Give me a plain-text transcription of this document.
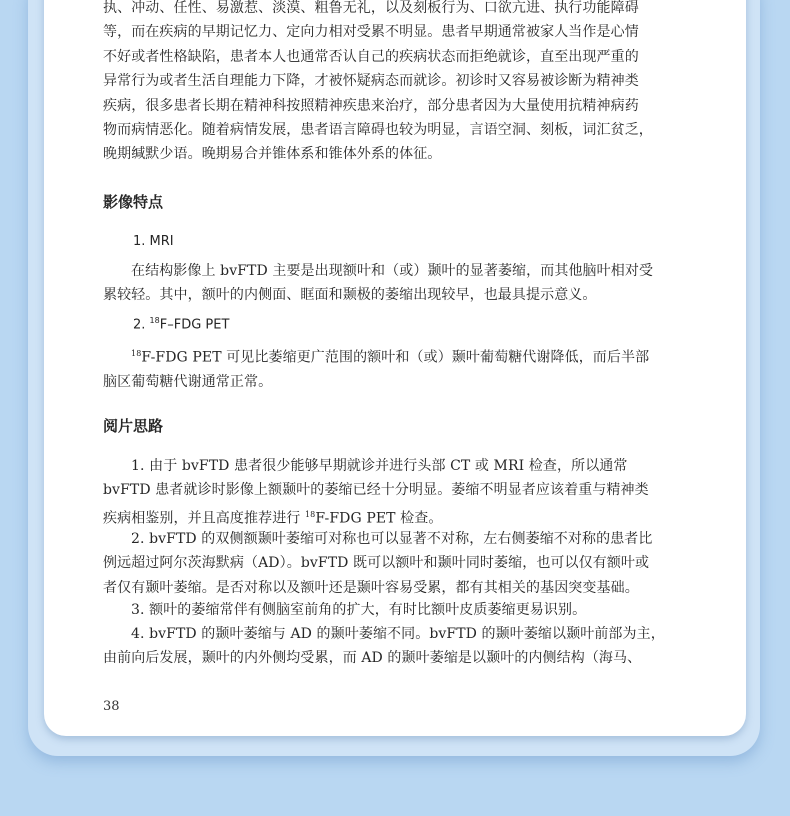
执、冲动、任性、易激惹、淡漠、粗鲁无礼，以及刻板行为、口欲亢进、执行功能障碍

等，而在疾病的早期记忆力、定向力相对受累不明显。患者早期通常被家人当作是心情

不好或者性格缺陷，患者本人也通常否认自己的疾病状态而拒绝就诊，直至出现严重的

异常行为或者生活自理能力下降，才被怀疑病态而就诊。初诊时又容易被诊断为精神类

疾病，很多患者长期在精神科按照精神疾患来治疗，部分患者因为大量使用抗精神病药

物而病情恶化。随着病情发展，患者语言障碍也较为明显，言语空洞、刻板，词汇贫乏，

晚期缄默少语。晚期易合并锥体系和锥体外系的体征。

影像特点
1. MRI

在结构影像上 bvFTD 主要是出现额叶和（或）颞叶的显著萎缩，而其他脑叶相对受

累较轻。其中，额叶的内侧面、眶面和颞极的萎缩出现较早，也最具提示意义。

2. $^{18}$F–FDG PET

$^{18}$F-FDG PET 可见比萎缩更广范围的额叶和（或）颞叶葡萄糖代谢降低，而后半部

脑区葡萄糖代谢通常正常。

阅片思路

1. 由于 bvFTD 患者很少能够早期就诊并进行头部 CT 或 MRI 检查，所以通常

bvFTD 患者就诊时影像上额颞叶的萎缩已经十分明显。萎缩不明显者应该着重与精神类

疾病相鉴别，并且高度推荐进行 $^{18}$F-FDG PET 检查。

2. bvFTD 的双侧额颞叶萎缩可对称也可以显著不对称，左右侧萎缩不对称的患者比

例远超过阿尔茨海默病（AD）。bvFTD 既可以额叶和颞叶同时萎缩，也可以仅有额叶或

者仅有颞叶萎缩。是否对称以及额叶还是颞叶容易受累，都有其相关的基因突变基础。

3. 额叶的萎缩常伴有侧脑室前角的扩大，有时比额叶皮质萎缩更易识别。

4. bvFTD 的颞叶萎缩与 AD 的颞叶萎缩不同。bvFTD 的颞叶萎缩以颞叶前部为主，

由前向后发展，颞叶的内外侧均受累，而 AD 的颞叶萎缩是以颞叶的内侧结构（海马、

38
